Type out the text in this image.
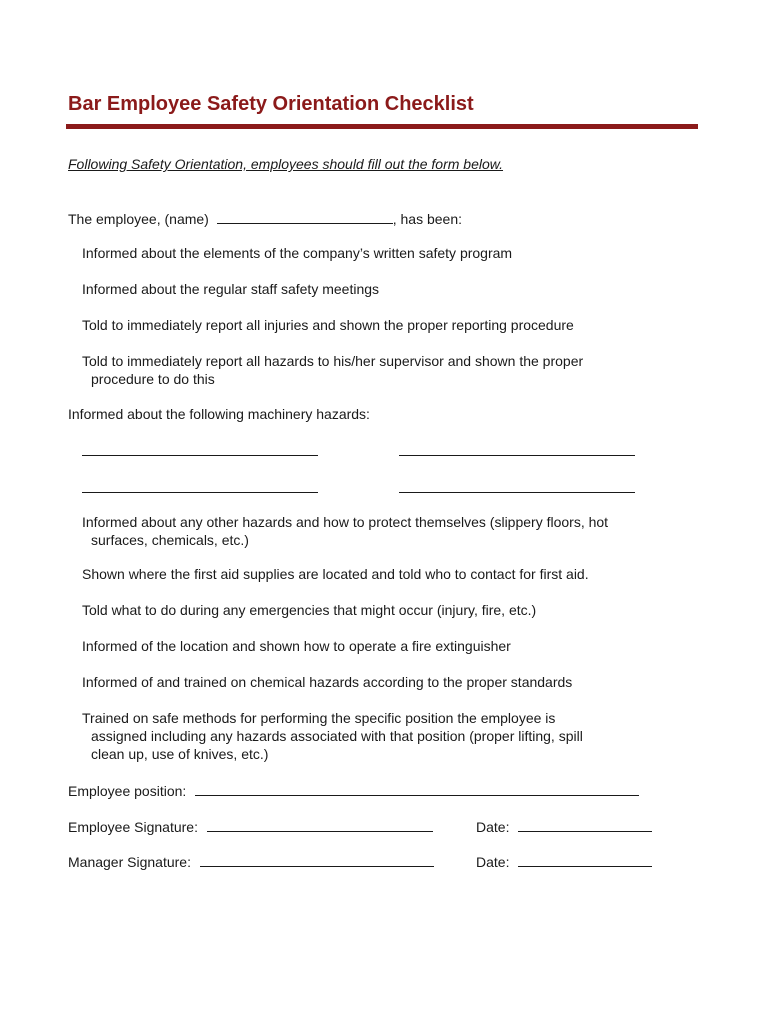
Bar Employee Safety Orientation Checklist
Following Safety Orientation, employees should fill out the form below.
The employee, (name)	, has been:
Informed about the elements of the company’s written safety program
Informed about the regular staff safety meetings
Told to immediately report all injuries and shown the proper reporting procedure
Told to immediately report all hazards to his/her supervisor and shown the proper
procedure to do this
Informed about the following machinery hazards:
Informed about any other hazards and how to protect themselves (slippery floors, hot
surfaces, chemicals, etc.)
Shown where the first aid supplies are located and told who to contact for first aid.
Told what to do during any emergencies that might occur (injury, fire, etc.)
Informed of the location and shown how to operate a fire extinguisher
Informed of and trained on chemical hazards according to the proper standards
Trained on safe methods for performing the specific position the employee is
assigned including any hazards associated with that position (proper lifting, spill
clean up, use of knives, etc.)
Employee position:
Employee Signature:	Date:
Manager Signature:	Date:
